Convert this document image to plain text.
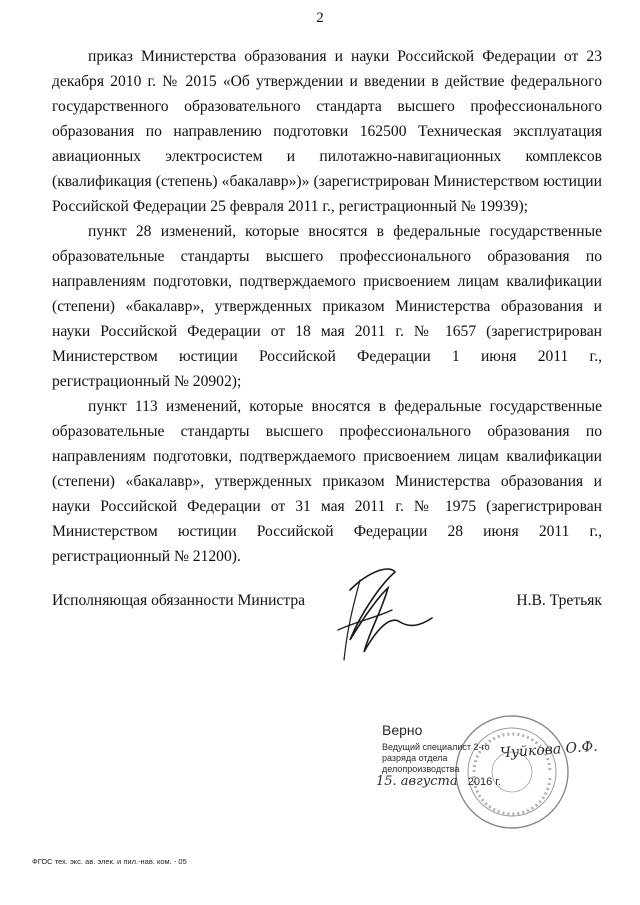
2

приказ Министерства образования и науки Российской Федерации от 23 декабря 2010 г. № 2015 «Об утверждении и введении в действие федерального государственного образовательного стандарта высшего профессионального образования по направлению подготовки 162500 Техническая эксплуатация авиационных электросистем и пилотажно-навигационных комплексов (квалификация (степень) «бакалавр»)» (зарегистрирован Министерством юстиции Российской Федерации 25 февраля 2011 г., регистрационный № 19939);

пункт 28 изменений, которые вносятся в федеральные государственные образовательные стандарты высшего профессионального образования по направлениям подготовки, подтверждаемого присвоением лицам квалификации (степени) «бакалавр», утвержденных приказом Министерства образования и науки Российской Федерации от 18 мая 2011 г. № 1657 (зарегистрирован Министерством юстиции Российской Федерации 1 июня 2011 г., регистрационный № 20902);

пункт 113 изменений, которые вносятся в федеральные государственные образовательные стандарты высшего профессионального образования по направлениям подготовки, подтверждаемого присвоением лицам квалификации (степени) «бакалавр», утвержденных приказом Министерства образования и науки Российской Федерации от 31 мая 2011 г. № 1975 (зарегистрирован Министерством юстиции Российской Федерации 28 июня 2011 г., регистрационный № 21200).

Исполняющая обязанности Министра	Н.В. Третьяк
Верно
Ведущий специалист 2-го разряда отдела делопроизводства
Чуйкова О.Ф.
15. августа 2016 г.
ФГОС тех. экс. ав. элек. и пил.-нав. ком. - 05
